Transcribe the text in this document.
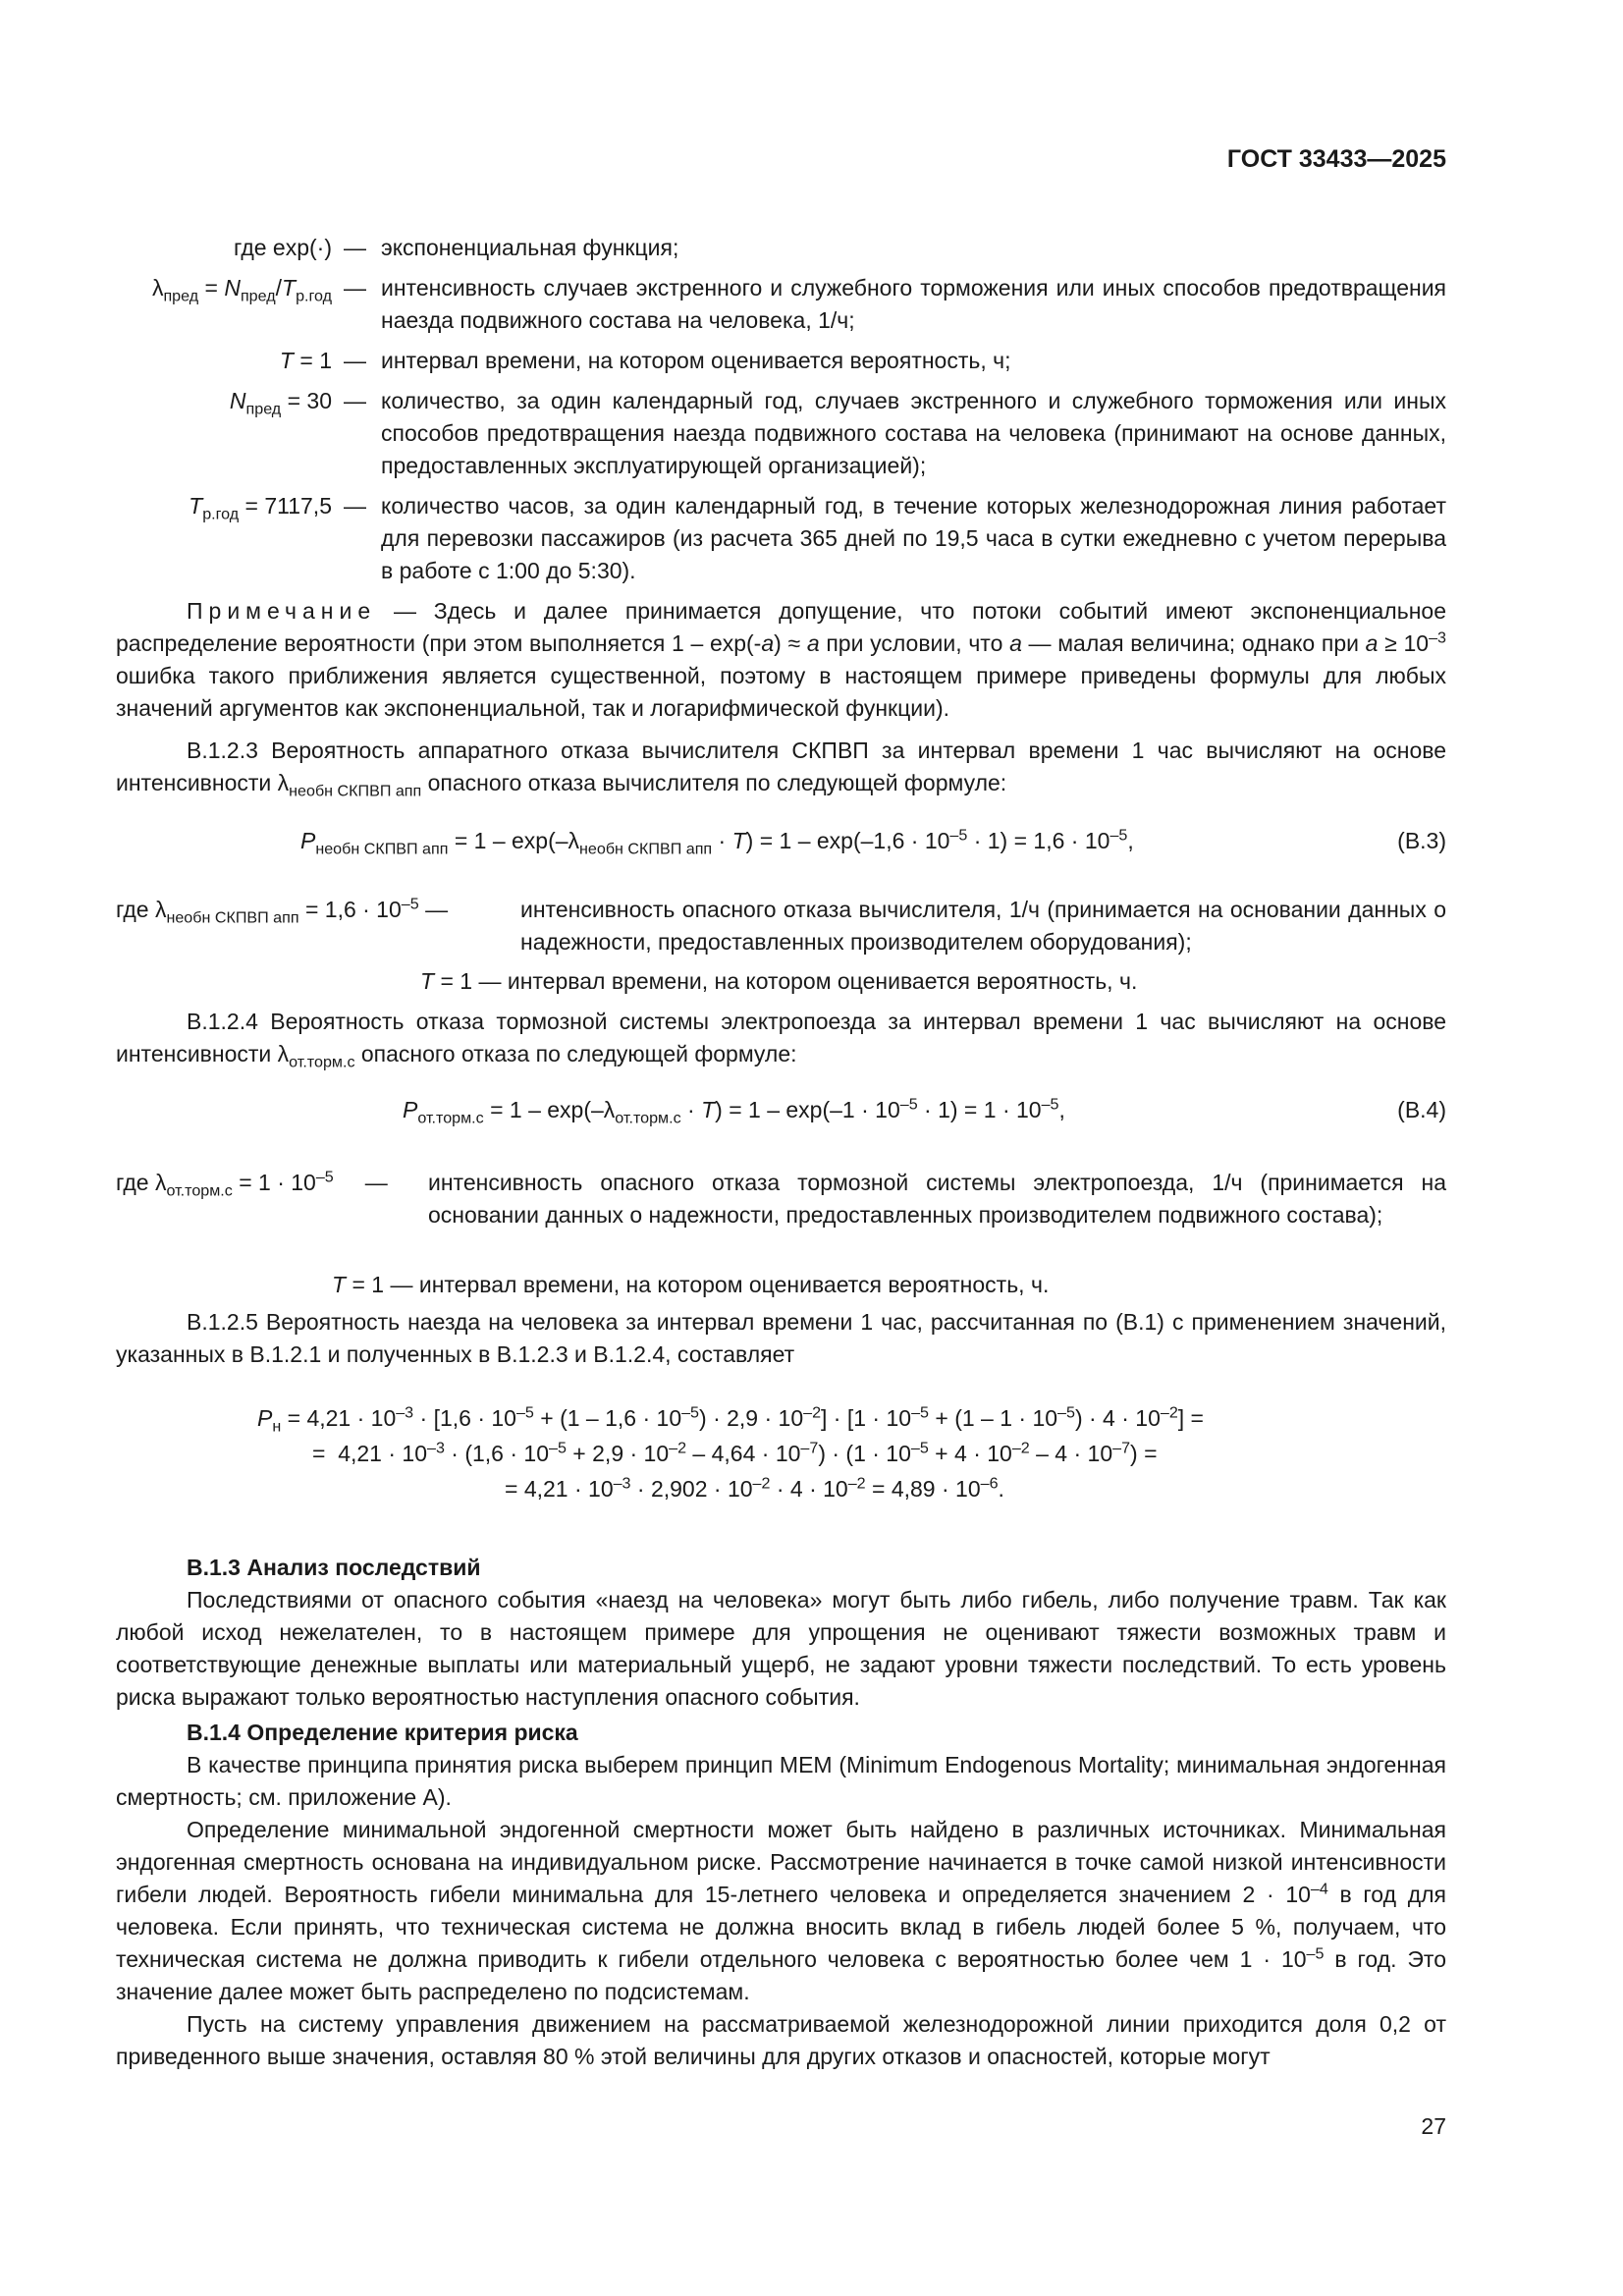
ГОСТ 33433—2025
где exp(·) — экспоненциальная функция;
$\lambda_{пред} = N_{пред}/T_{р.год}$ — интенсивность случаев экстренного и служебного торможения или иных способов предотвращения наезда подвижного состава на человека, 1/ч;
T = 1 — интервал времени, на котором оценивается вероятность, ч;
$N_{пред} = 30$ — количество, за один календарный год, случаев экстренного и служебного торможения или иных способов предотвращения наезда подвижного состава на человека (принимают на основе данных, предоставленных эксплуатирующей организацией);
$T_{р.год} = 7117,5$ — количество часов, за один календарный год, в течение которых железнодорожная линия работает для перевозки пассажиров (из расчета 365 дней по 19,5 часа в сутки ежедневно с учетом перерыва в работе с 1:00 до 5:30).

Примечание — Здесь и далее принимается допущение, что потоки событий имеют экспоненциальное распределение вероятности (при этом выполняется 1 – exp(-a) ≈ a при условии, что a — малая величина; однако при $a \ge 10^{-3}$ ошибка такого приближения является существенной, поэтому в настоящем примере приведены формулы для любых значений аргументов как экспоненциальной, так и логарифмической функции).

В.1.2.3 Вероятность аппаратного отказа вычислителя СКПВП за интервал времени 1 час вычисляют на основе интенсивности $\lambda_{необн СКПВП апп}$ опасного отказа вычислителя по следующей формуле:

$P_{необн СКПВП апп} = 1 - \exp(-\lambda_{необн СКПВП апп} \cdot T) = 1 - \exp(-1,6 \cdot 10^{-5} \cdot 1) = 1,6 \cdot 10^{-5}$,	(В.3)
где $\lambda_{необн СКПВП апп} = 1,6 \cdot 10^{-5}$ —	интенсивность опасного отказа вычислителя, 1/ч (принимается на основании данных о надежности, предоставленных производителем оборудования);
T = 1 — интервал времени, на котором оценивается вероятность, ч.

В.1.2.4 Вероятность отказа тормозной системы электропоезда за интервал времени 1 час вычисляют на основе интенсивности $\lambda_{от.торм.с}$ опасного отказа по следующей формуле:

$P_{от.торм.с} = 1 - \exp(-\lambda_{от.торм.с} \cdot T) = 1 - \exp(-1 \cdot 10^{-5} \cdot 1) = 1 \cdot 10^{-5}$,	(В.4)
где $\lambda_{от.торм.с} = 1 \cdot 10^{-5}$     —	интенсивность опасного отказа тормозной системы электропоезда, 1/ч (принимается на основании данных о надежности, предоставленных производителем подвижного состава);
T = 1 — интервал времени, на котором оценивается вероятность, ч.

В.1.2.5 Вероятность наезда на человека за интервал времени 1 час, рассчитанная по (В.1) с применением значений, указанных в В.1.2.1 и полученных в В.1.2.3 и В.1.2.4, составляет

$P_н = 4,21 \cdot 10^{-3} \cdot [1,6 \cdot 10^{-5} + (1 - 1,6 \cdot 10^{-5}) \cdot 2,9 \cdot 10^{-2}] \cdot [1 \cdot 10^{-5} + (1 - 1 \cdot 10^{-5}) \cdot 4 \cdot 10^{-2}]$ =
=  $4,21 \cdot 10^{-3} \cdot (1,6 \cdot 10^{-5} + 2,9 \cdot 10^{-2} - 4,64 \cdot 10^{-7}) \cdot (1 \cdot 10^{-5} + 4 \cdot 10^{-2} - 4 \cdot 10^{-7})$ =
= $4,21 \cdot 10^{-3} \cdot 2,902 \cdot 10^{-2} \cdot 4 \cdot 10^{-2} = 4,89 \cdot 10^{-6}$.

В.1.3 Анализ последствий

Последствиями от опасного события «наезд на человека» могут быть либо гибель, либо получение травм. Так как любой исход нежелателен, то в настоящем примере для упрощения не оценивают тяжести возможных травм и соответствующие денежные выплаты или материальный ущерб, не задают уровни тяжести последствий. То есть уровень риска выражают только вероятностью наступления опасного события.

В.1.4 Определение критерия риска

В качестве принципа принятия риска выберем принцип MEM (Minimum Endogenous Mortality; минимальная эндогенная смертность; см. приложение А).

Определение минимальной эндогенной смертности может быть найдено в различных источниках. Минимальная эндогенная смертность основана на индивидуальном риске. Рассмотрение начинается в точке самой низкой интенсивности гибели людей. Вероятность гибели минимальна для 15-летнего человека и определяется значением $2 \cdot 10^{-4}$ в год для человека. Если принять, что техническая система не должна вносить вклад в гибель людей более 5 %, получаем, что техническая система не должна приводить к гибели отдельного человека с вероятностью более чем $1 \cdot 10^{-5}$ в год. Это значение далее может быть распределено по подсистемам.

Пусть на систему управления движением на рассматриваемой железнодорожной линии приходится доля 0,2 от приведенного выше значения, оставляя 80 % этой величины для других отказов и опасностей, которые могут

27
